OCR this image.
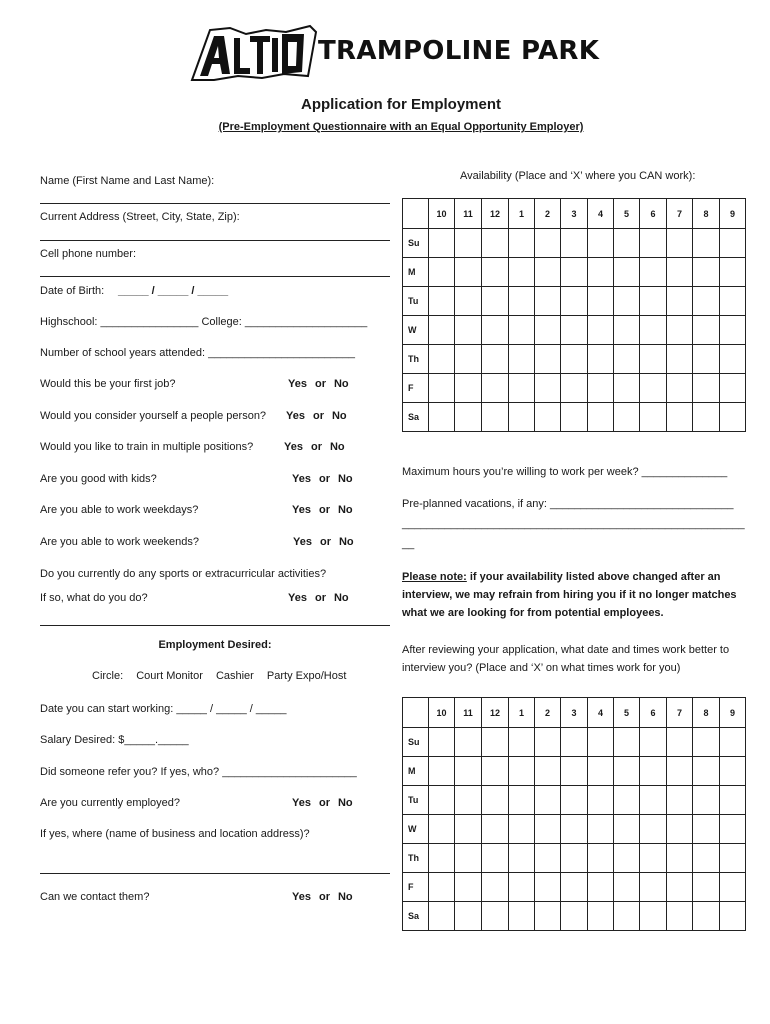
TRAMPOLINE PARK
Application for Employment
(Pre-Employment Questionnaire with an Equal Opportunity Employer)
Name (First Name and Last Name):
Current Address (Street, City, State, Zip):
Cell phone number:
Date of Birth: _____ / _____ / _____
Highschool: ________________ College: ____________________
Number of school years attended: ________________________
Would this be your first job?	Yes or No
Would you consider yourself a people person? Yes or No
Would you like to train in multiple positions?	Yes or No
Are you good with kids?	Yes or No
Are you able to work weekdays?	Yes or No
Are you able to work weekends?	Yes or No
Do you currently do any sports or extracurricular activities?
If so, what do you do?	Yes or No
Employment Desired:
Circle: Court Monitor Cashier Party Expo/Host
Date you can start working: _____ / _____ / _____
Salary Desired: $_____._____
Did someone refer you? If yes, who? ______________________
Are you currently employed?	Yes or No
If yes, where (name of business and location address)?
Can we contact them?	Yes or No
Availability (Place and ‘X’ where you CAN work):
	10	11	12	1	2	3	4	5	6	7	8	9
Su												
M												
Tu												
W												
Th												
F												
Sa												
Maximum hours you’re willing to work per week? ______________
Pre-planned vacations, if any: ______________________________
________________________________________________________
__
Please note: if your availability listed above changed after an interview, we may refrain from hiring you if it no longer matches what we are looking for from potential employees.
After reviewing your application, what date and times work better to interview you? (Place and ‘X’ on what times work for you)
	10	11	12	1	2	3	4	5	6	7	8	9
Su												
M												
Tu												
W												
Th												
F												
Sa												
